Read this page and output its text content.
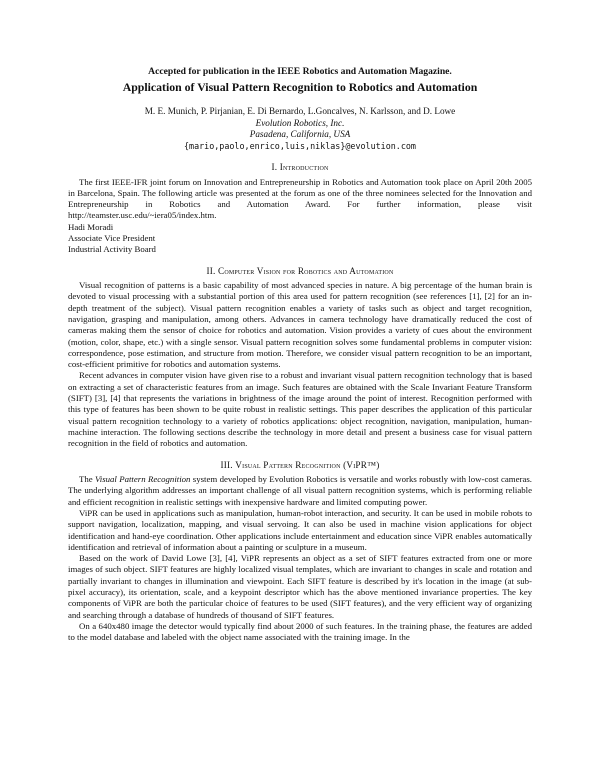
Accepted for publication in the IEEE Robotics and Automation Magazine.
Application of Visual Pattern Recognition to Robotics and Automation
M. E. Munich, P. Pirjanian, E. Di Bernardo, L.Goncalves, N. Karlsson, and D. Lowe
Evolution Robotics, Inc.
Pasadena, California, USA
{mario,paolo,enrico,luis,niklas}@evolution.com
I. Introduction

The first IEEE-IFR joint forum on Innovation and Entrepreneurship in Robotics and Automation took place on April 20th 2005 in Barcelona, Spain. The following article was presented at the forum as one of the three nominees selected for the Innovation and Entrepreneurship in Robotics and Automation Award. For further information, please visit http://teamster.usc.edu/~iera05/index.htm.

Hadi Moradi
Associate Vice President
Industrial Activity Board
II. Computer Vision for Robotics and Automation

Visual recognition of patterns is a basic capability of most advanced species in nature. A big percentage of the human brain is devoted to visual processing with a substantial portion of this area used for pattern recognition (see references [1], [2] for an in-depth treatment of the subject). Visual pattern recognition enables a variety of tasks such as object and target recognition, navigation, grasping and manipulation, among others. Advances in camera technology have dramatically reduced the cost of cameras making them the sensor of choice for robotics and automation. Vision provides a variety of cues about the environment (motion, color, shape, etc.) with a single sensor. Visual pattern recognition solves some fundamental problems in computer vision: correspondence, pose estimation, and structure from motion. Therefore, we consider visual pattern recognition to be an important, cost-efficient primitive for robotics and automation systems.

Recent advances in computer vision have given rise to a robust and invariant visual pattern recognition technology that is based on extracting a set of characteristic features from an image. Such features are obtained with the Scale Invariant Feature Transform (SIFT) [3], [4] that represents the variations in brightness of the image around the point of interest. Recognition performed with this type of features has been shown to be quite robust in realistic settings. This paper describes the application of this particular visual pattern recognition technology to a variety of robotics applications: object recognition, navigation, manipulation, human-machine interaction. The following sections describe the technology in more detail and present a business case for visual pattern recognition in the field of robotics and automation.

III. Visual Pattern Recognition (ViPR™)

The Visual Pattern Recognition system developed by Evolution Robotics is versatile and works robustly with low-cost cameras. The underlying algorithm addresses an important challenge of all visual pattern recognition systems, which is performing reliable and efficient recognition in realistic settings with inexpensive hardware and limited computing power.

ViPR can be used in applications such as manipulation, human-robot interaction, and security. It can be used in mobile robots to support navigation, localization, mapping, and visual servoing. It can also be used in machine vision applications for object identification and hand-eye coordination. Other applications include entertainment and education since ViPR enables automatically identification and retrieval of information about a painting or sculpture in a museum.

Based on the work of David Lowe [3], [4], ViPR represents an object as a set of SIFT features extracted from one or more images of such object. SIFT features are highly localized visual templates, which are invariant to changes in scale and rotation and partially invariant to changes in illumination and viewpoint. Each SIFT feature is described by it's location in the image (at sub-pixel accuracy), its orientation, scale, and a keypoint descriptor which has the above mentioned invariance properties. The key components of ViPR are both the particular choice of features to be used (SIFT features), and the very efficient way of organizing and searching through a database of hundreds of thousand of SIFT features.

On a 640x480 image the detector would typically find about 2000 of such features. In the training phase, the features are added to the model database and labeled with the object name associated with the training image. In the
